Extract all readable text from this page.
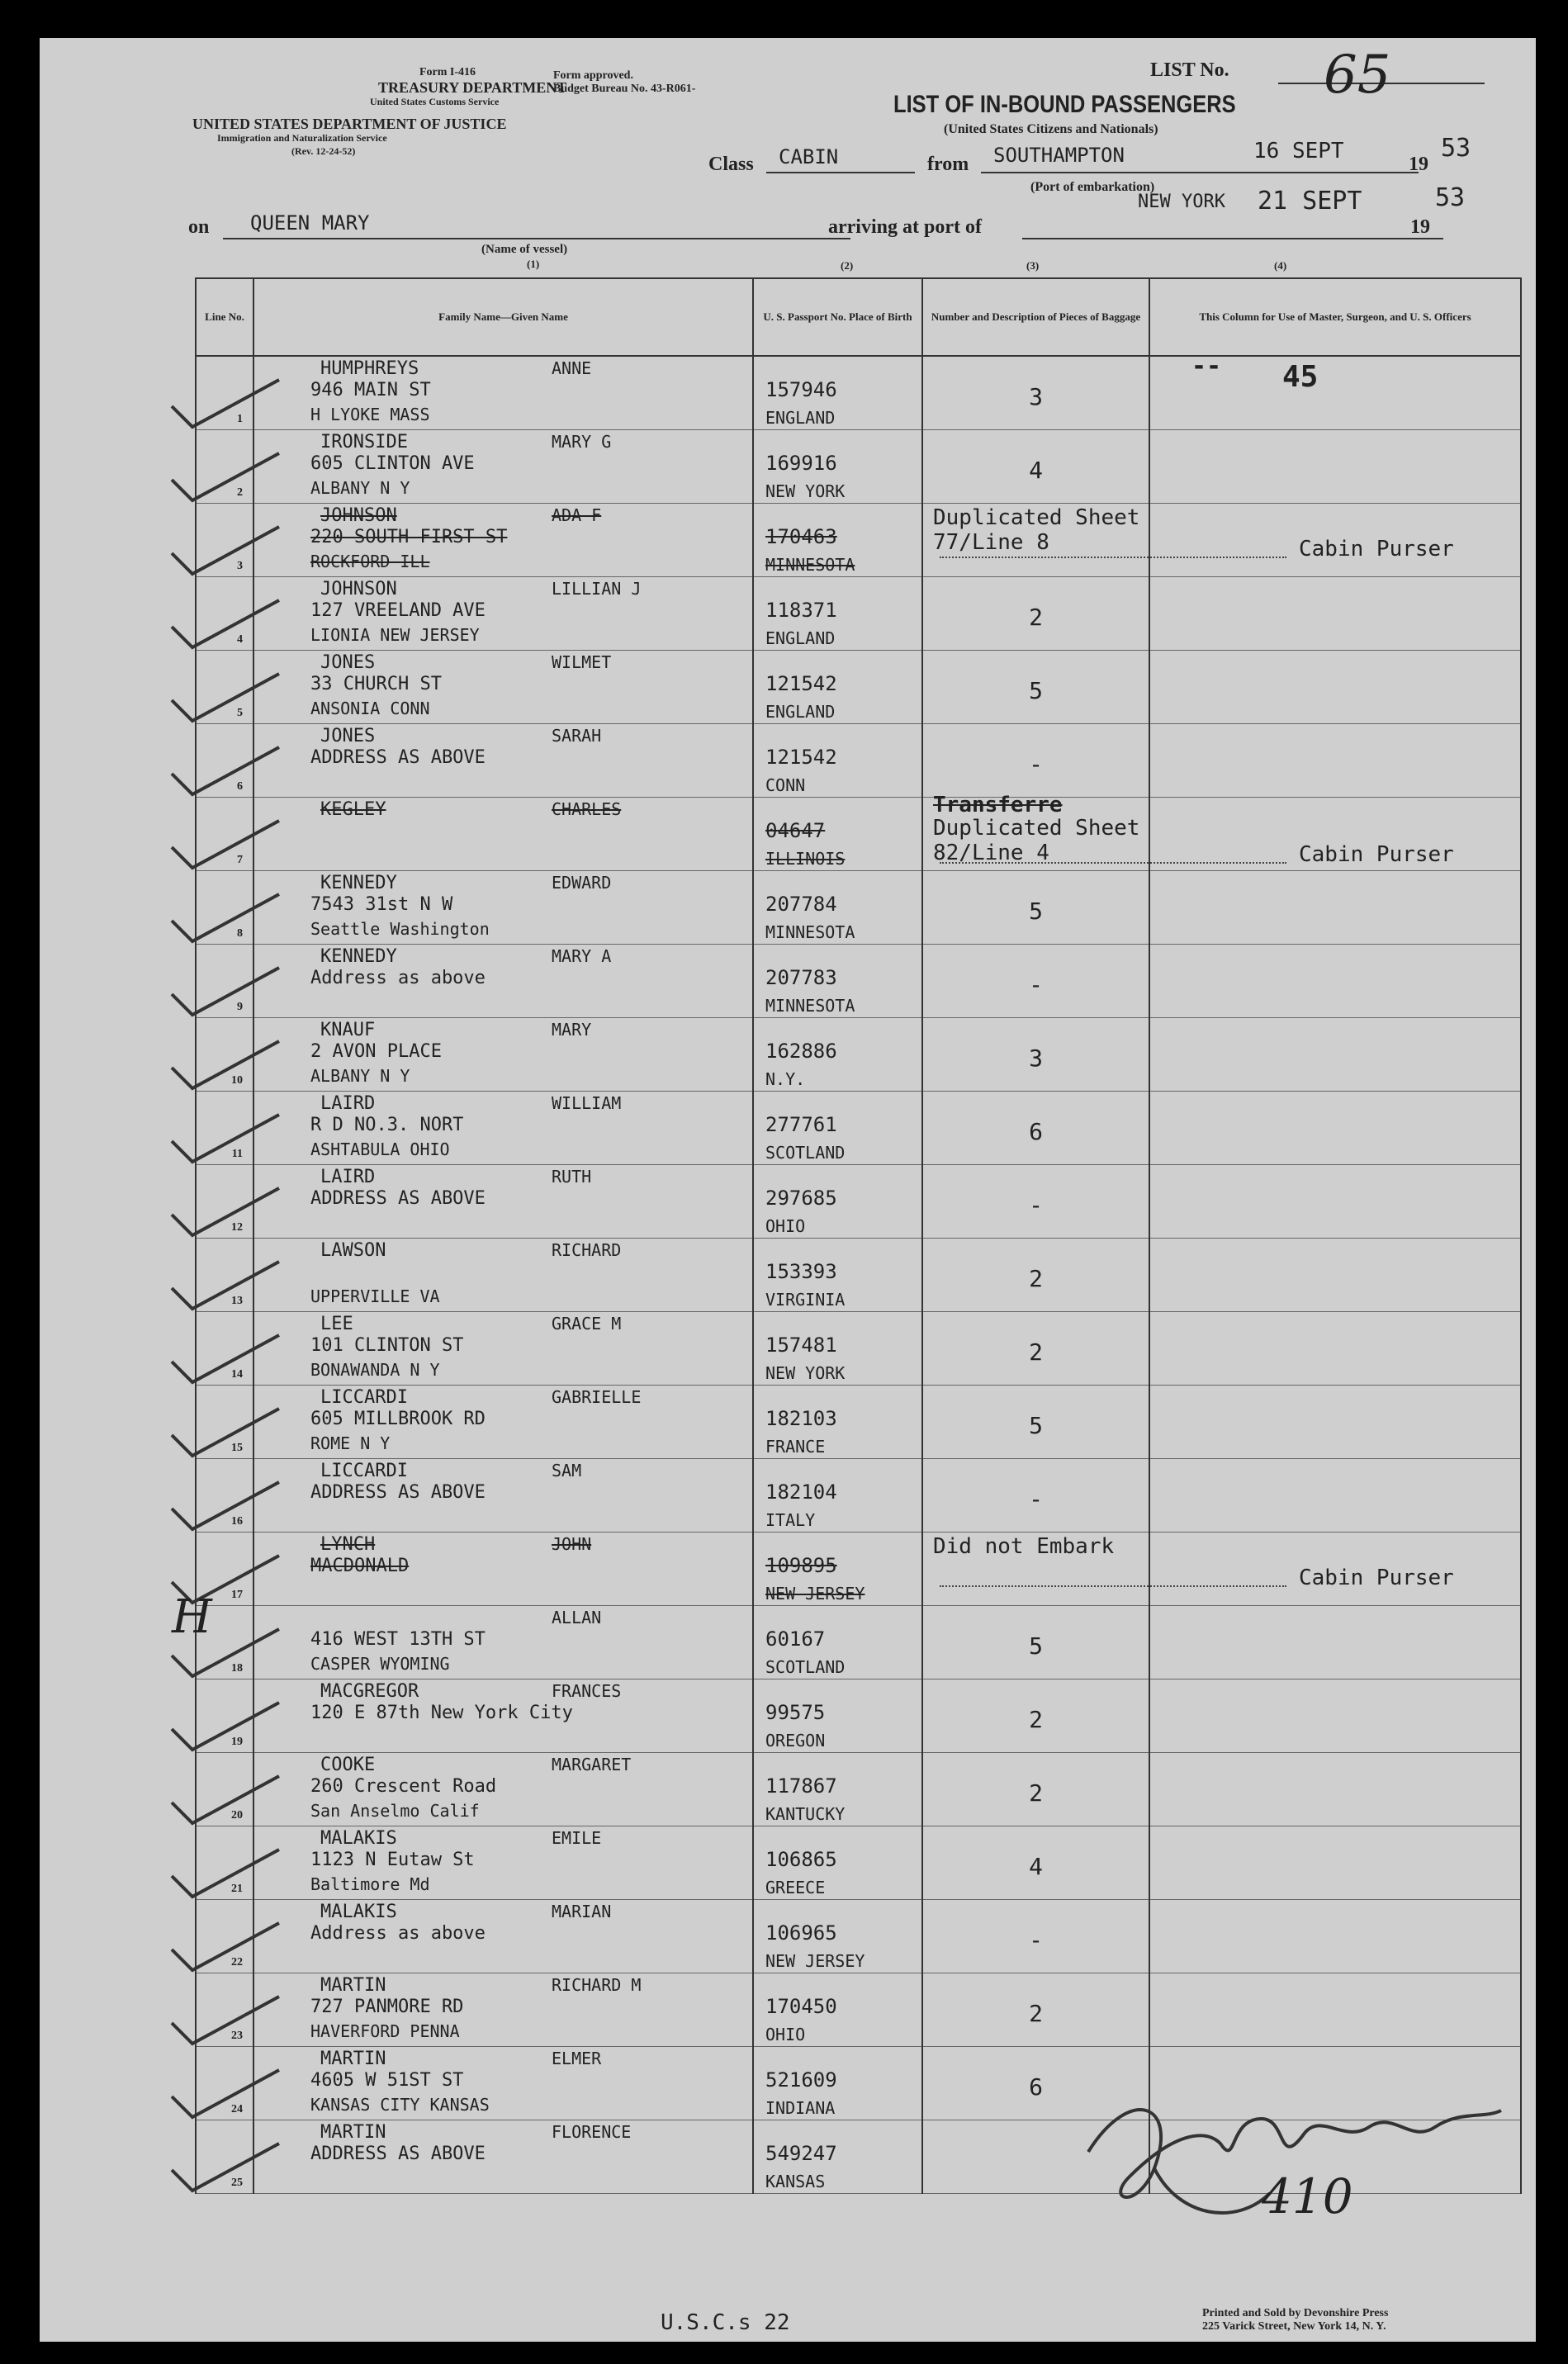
Form I-416
TREASURY DEPARTMENT
United States Customs Service
UNITED STATES DEPARTMENT OF JUSTICE
Immigration and Naturalization Service
(Rev. 12-24-52)
Form approved.
Budget Bureau No. 43-R061-
LIST No. 65
LIST OF IN-BOUND PASSENGERS
(United States Citizens and Nationals)
Class CABIN	from SOUTHAMPTON	16 SEPT
19
53
(Port of embarkation)
on QUEEN MARY
(Name of vessel)
(1)
arriving at port of
NEW YORK 21 SEPT
19
53
(2)	(3)	(4)
Line No.	Family Name—Given Name	U. S. Passport No. Place of Birth	Number and Description of Pieces of Baggage	This Column for Use of Master, Surgeon, and U. S. Officers

1	HUMPHREYS ANNE
946 MAIN ST
H LYOKE MASS	157946
ENGLAND	3	

2	IRONSIDE MARY G
605 CLINTON AVE
ALBANY N Y	169916
NEW YORK	4	

3	JOHNSON ADA F
220 SOUTH FIRST ST
ROCKFORD ILL	170463
MINNESOTA	Duplicated Sheet 77/Line 8	Cabin Purser

4	JOHNSON LILLIAN J
127 VREELAND AVE
LIONIA NEW JERSEY	118371
ENGLAND	2	

5	JONES WILMET
33 CHURCH ST
ANSONIA CONN	121542
ENGLAND	5	

6	JONES SARAH
ADDRESS AS ABOVE	121542
CONN	-	

7	KEGLEY CHARLES	04647
ILLINOIS	Transferre
Duplicated Sheet 82/Line 4	Cabin Purser

8	KENNEDY EDWARD
7543 31st N W
Seattle Washington	207784
MINNESOTA	5	

9	KENNEDY MARY A
Address as above	207783
MINNESOTA	-	

10	KNAUF MARY
2 AVON PLACE
ALBANY N Y	162886
N.Y.	3	

11	LAIRD WILLIAM
R D NO.3. NORT
ASHTABULA OHIO	277761
SCOTLAND	6	

12	LAIRD RUTH
ADDRESS AS ABOVE	297685
OHIO	-	

13	LAWSON RICHARD
UPPERVILLE VA	153393
VIRGINIA	2	

14	LEE GRACE M
101 CLINTON ST
BONAWANDA N Y	157481
NEW YORK	2	

15	LICCARDI GABRIELLE
605 MILLBROOK RD
ROME N Y	182103
FRANCE	5	

16	LICCARDI SAM
ADDRESS AS ABOVE	182104
ITALY	-	

17	LYNCH JOHN
MACDONALD	109895
NEW JERSEY	Did not Embark	Cabin Purser

18	ALLAN
416 WEST 13TH ST
CASPER WYOMING	60167
SCOTLAND	5	

19	MACGREGOR FRANCES
120 E 87th New York City	99575
OREGON	2	

20	COOKE MARGARET
260 Crescent Road
San Anselmo Calif	117867
KANTUCKY	2	

21	MALAKIS EMILE
1123 N Eutaw St
Baltimore Md	106865
GREECE	4	

22	MALAKIS MARIAN
Address as above	106965
NEW JERSEY	-	

23	MARTIN RICHARD M
727 PANMORE RD
HAVERFORD PENNA	170450
OHIO	2	

24	MARTIN ELMER
4605 W 51ST ST
KANSAS CITY KANSAS	521609
INDIANA	6	

25	MARTIN FLORENCE
ADDRESS AS ABOVE	549247
KANSAS		

-- 45
H
410
U.S.C.s 22	Printed and Sold by Devonshire Press
225 Varick Street, New York 14, N. Y.
